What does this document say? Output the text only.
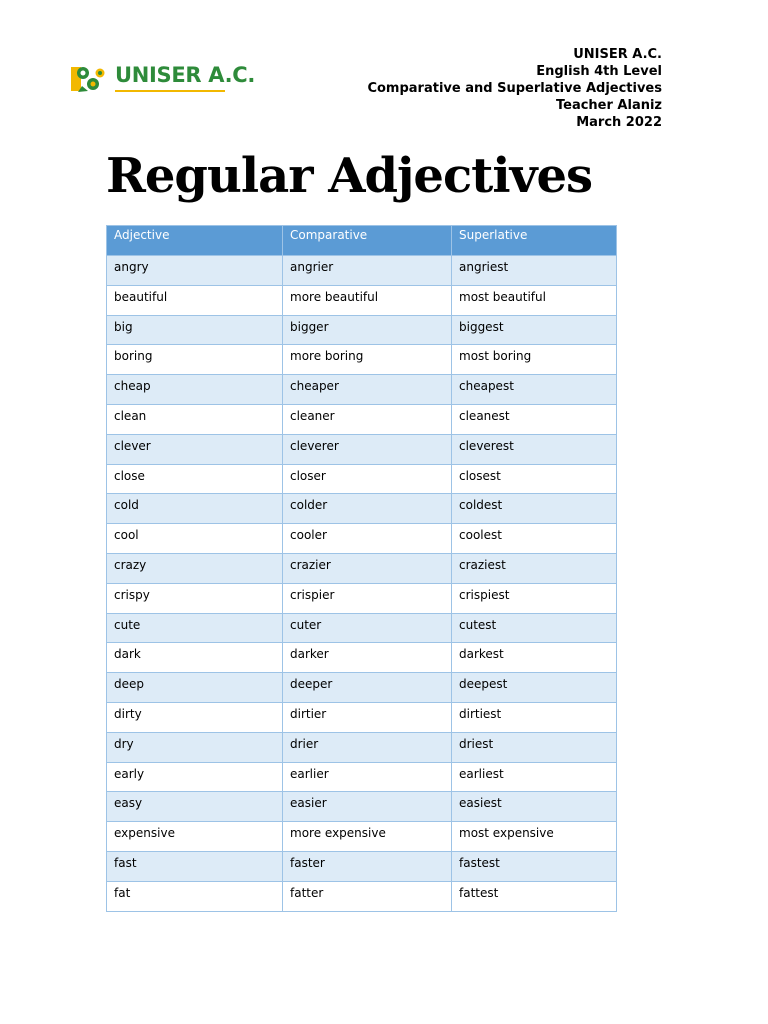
UNISER A.C.
UNISER A.C.
English 4th Level
Comparative and Superlative Adjectives
Teacher Alaniz
March 2022
Regular Adjectives
Adjective	Comparative	Superlative
angry	angrier	angriest
beautiful	more beautiful	most beautiful
big	bigger	biggest
boring	more boring	most boring
cheap	cheaper	cheapest
clean	cleaner	cleanest
clever	cleverer	cleverest
close	closer	closest
cold	colder	coldest
cool	cooler	coolest
crazy	crazier	craziest
crispy	crispier	crispiest
cute	cuter	cutest
dark	darker	darkest
deep	deeper	deepest
dirty	dirtier	dirtiest
dry	drier	driest
early	earlier	earliest
easy	easier	easiest
expensive	more expensive	most expensive
fast	faster	fastest
fat	fatter	fattest
